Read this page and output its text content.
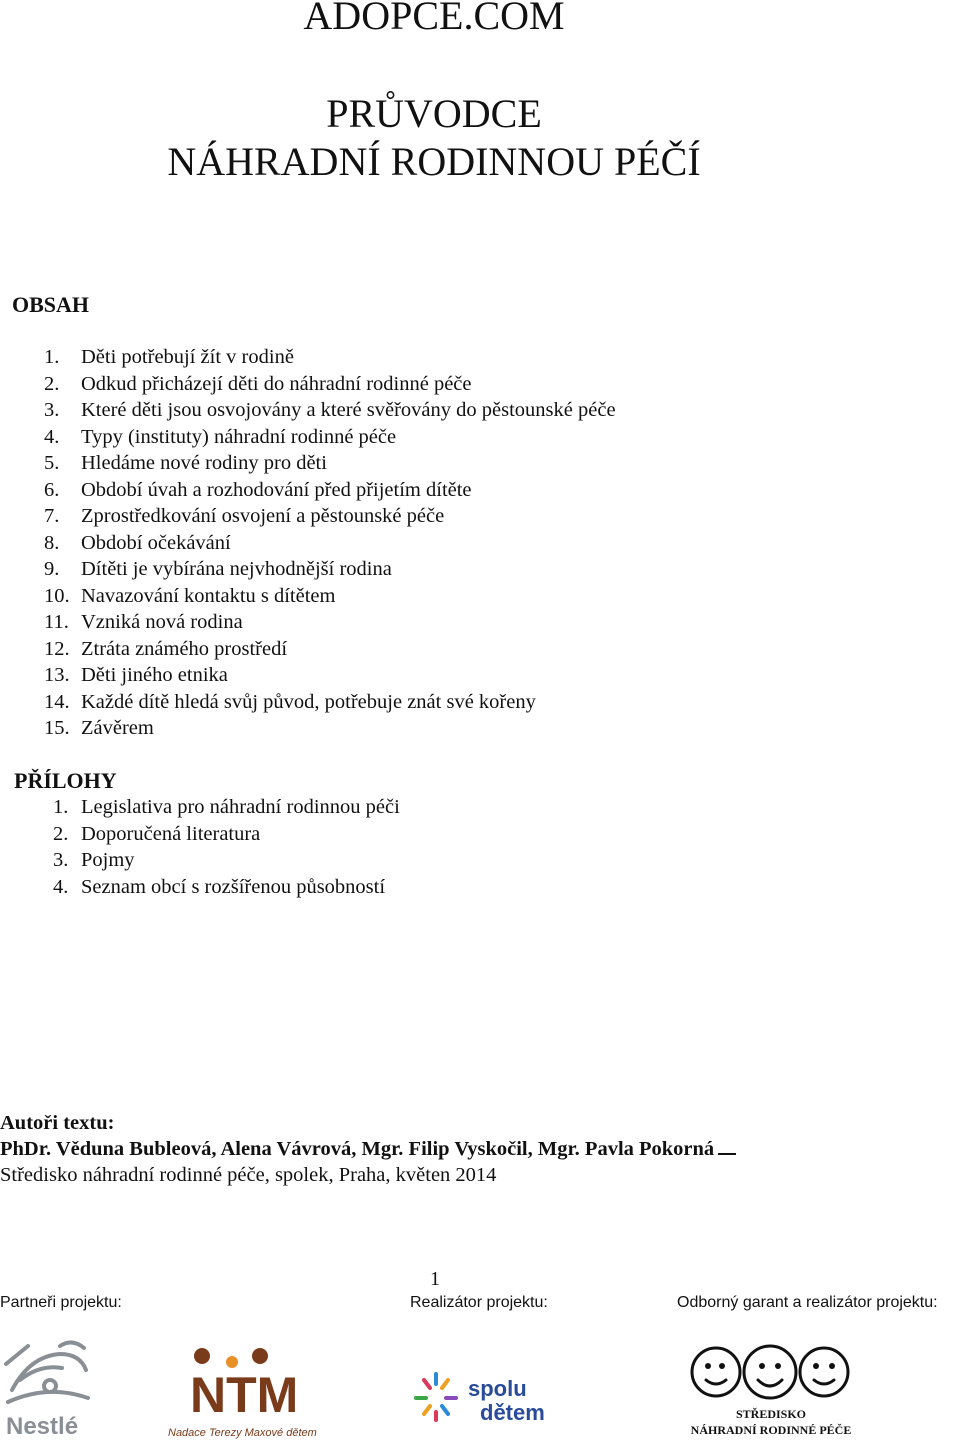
ADOPCE.COM
PRŮVODCE
NÁHRADNÍ RODINNOU PÉČÍ
OBSAH
1. Děti potřebují žít v rodině
2. Odkud přicházejí děti do náhradní rodinné péče
3. Které děti jsou osvojovány a které svěřovány do pěstounské péče
4. Typy (instituty) náhradní rodinné péče
5. Hledáme nové rodiny pro děti
6. Období úvah a rozhodování před přijetím dítěte
7. Zprostředkování osvojení a pěstounské péče
8. Období očekávání
9. Dítěti je vybírána nejvhodnější rodina
10. Navazování kontaktu s dítětem
11. Vzniká nová rodina
12. Ztráta známého prostředí
13. Děti jiného etnika
14. Každé dítě hledá svůj původ, potřebuje znát své kořeny
15. Závěrem
PŘÍLOHY
1. Legislativa pro náhradní rodinnou péči
2. Doporučená literatura
3. Pojmy
4. Seznam obcí s rozšířenou působností
Autoři textu:
PhDr. Věduna Bubleová, Alena Vávrová, Mgr. Filip Vyskočil, Mgr. Pavla Pokorná
Středisko náhradní rodinné péče, spolek, Praha, květen 2014
1
Partneři projektu:	Realizátor projektu:	Odborný garant a realizátor projektu:
Nestlé
NTM
Nadace Terezy Maxové dětem
spolu
dětem	STŘEDISKO
NÁHRADNÍ RODINNÉ PÉČE
